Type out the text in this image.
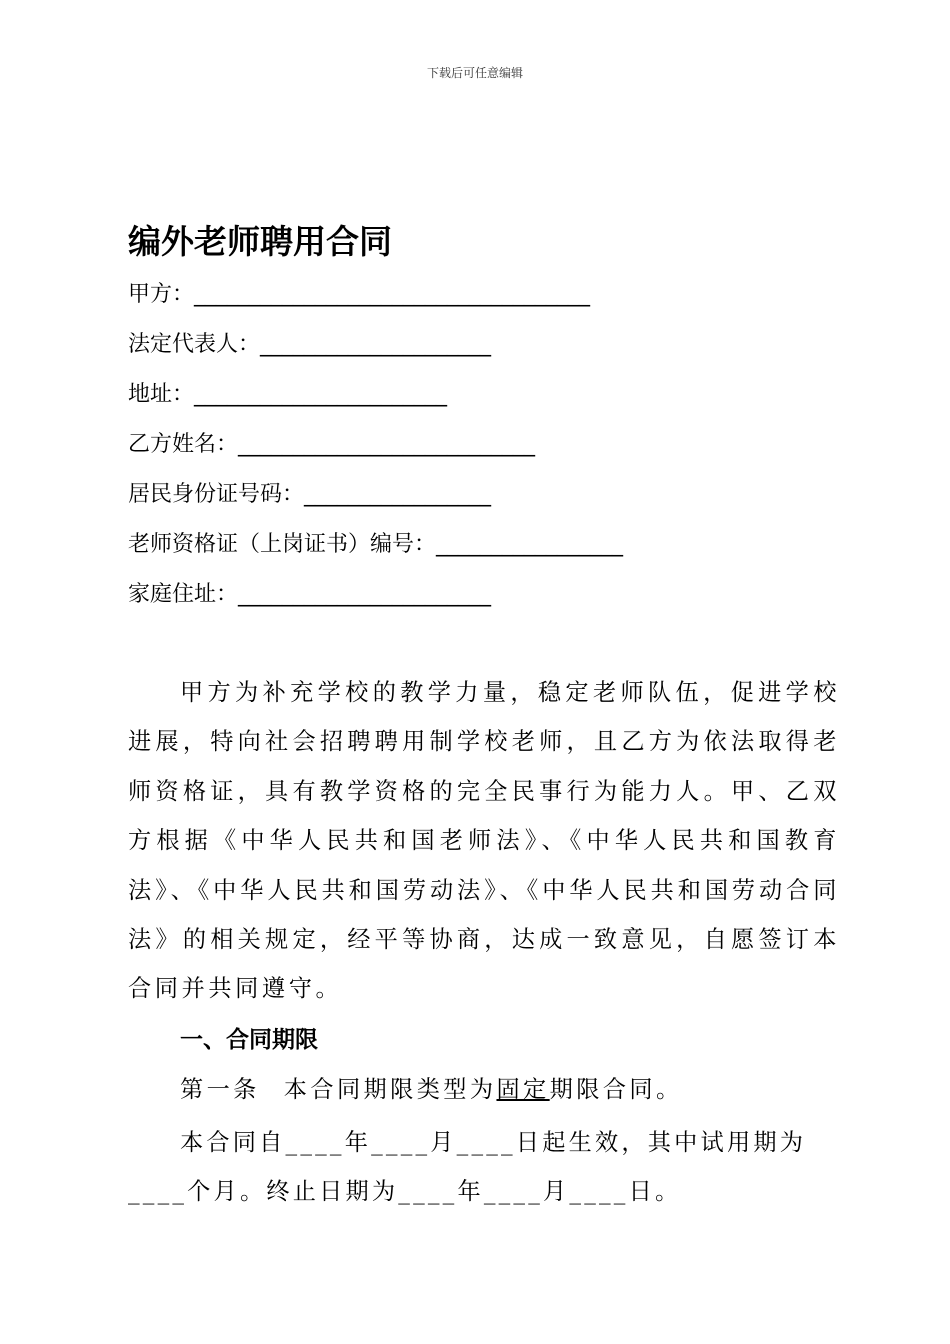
下载后可任意编辑
编外老师聘用合同
甲方：____________________________________
法定代表人：_____________________
地址：_______________________
乙方姓名：___________________________
居民身份证号码：_________________
老师资格证（上岗证书）编号：_________________
家庭住址：_______________________

甲方为补充学校的教学力量，稳定老师队伍，促进学校进展，特向社会招聘聘用制学校老师，且乙方为依法取得老师资格证，具有教学资格的完全民事行为能力人。甲、乙双方根据《中华人民共和国老师法》、《中华人民共和国教育法》、《中华人民共和国劳动法》、《中华人民共和国劳动合同法》的相关规定，经平等协商，达成一致意见，自愿签订本合同并共同遵守。

一、合同期限

第一条 本合同期限类型为固定期限合同。

本合同自____年____月____日起生效，其中试用期为____个月。终止日期为____年____月____日。
